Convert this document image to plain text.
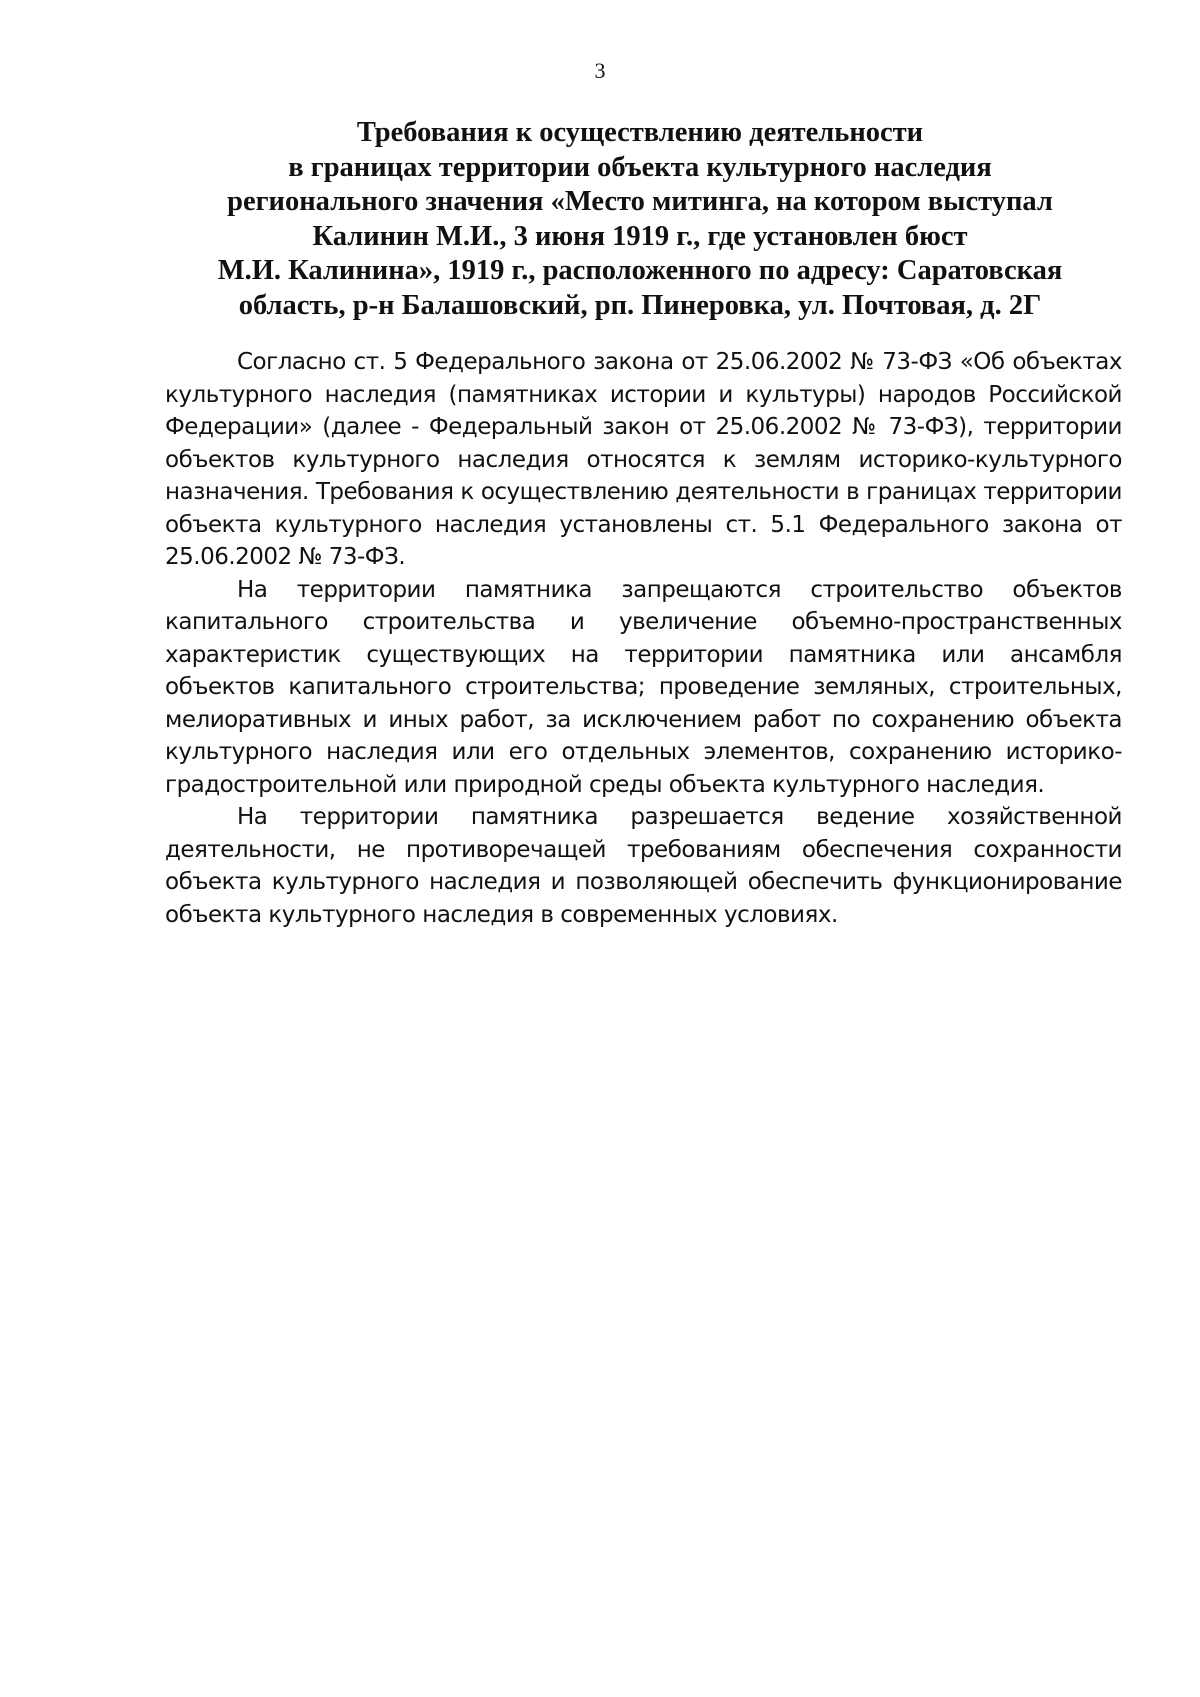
3
Требования к осуществлению деятельности
в границах территории объекта культурного наследия
регионального значения «Место митинга, на котором выступал
Калинин М.И., 3 июня 1919 г., где установлен бюст
М.И. Калинина», 1919 г., расположенного по адресу: Саратовская
область, р-н Балашовский, рп. Пинеровка, ул. Почтовая, д. 2Г

Согласно ст. 5 Федерального закона от 25.06.2002 № 73-ФЗ «Об объектах культурного наследия (памятниках истории и культуры) народов Российской Федерации» (далее - Федеральный закон от 25.06.2002 № 73-ФЗ), территории объектов культурного наследия относятся к землям историко-культурного назначения. Требования к осуществлению деятельности в границах территории объекта культурного наследия установлены ст. 5.1 Федерального закона от 25.06.2002 № 73-ФЗ.

На территории памятника запрещаются строительство объектов капитального строительства и увеличение объемно-пространственных характеристик существующих на территории памятника или ансамбля объектов капитального строительства; проведение земляных, строительных, мелиоративных и иных работ, за исключением работ по сохранению объекта культурного наследия или его отдельных элементов, сохранению историко-градостроительной или природной среды объекта культурного наследия.

На территории памятника разрешается ведение хозяйственной деятельности, не противоречащей требованиям обеспечения сохранности объекта культурного наследия и позволяющей обеспечить функционирование объекта культурного наследия в современных условиях.
